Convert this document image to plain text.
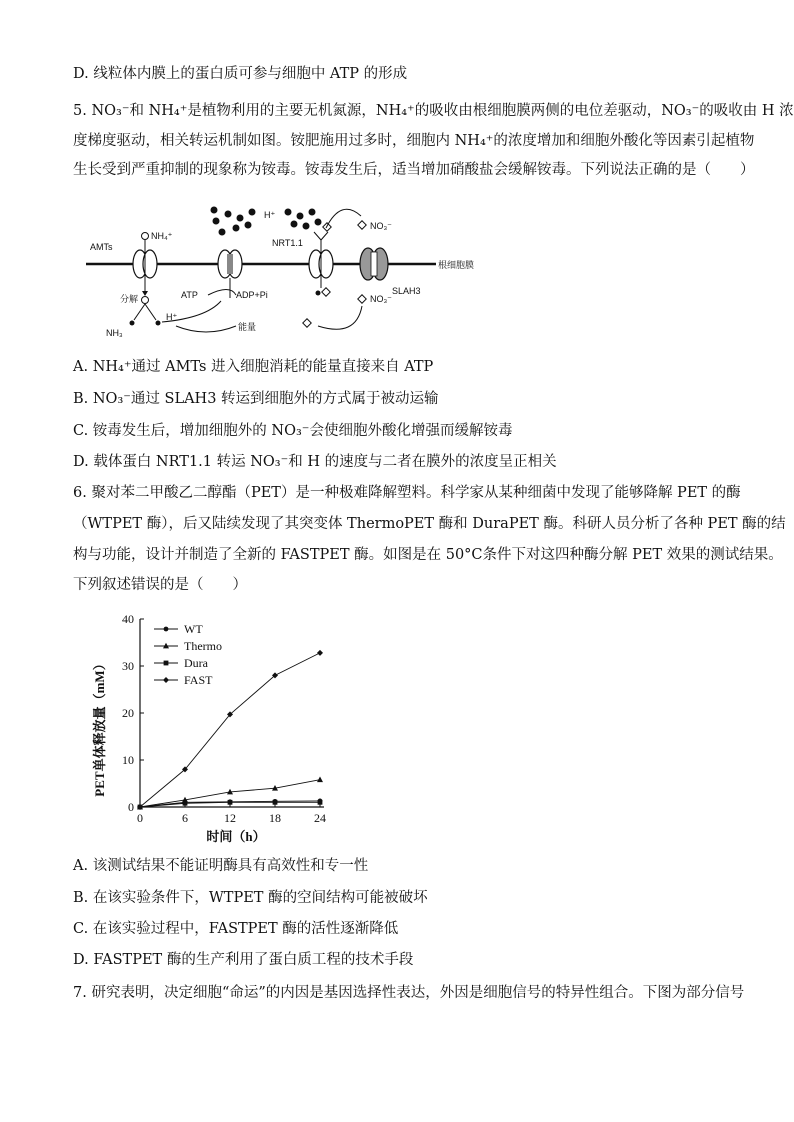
D. 线粒体内膜上的蛋白质可参与细胞中 ATP 的形成
5. NO₃⁻和 NH₄⁺是植物利用的主要无机氮源，NH₄⁺的吸收由根细胞膜两侧的电位差驱动，NO₃⁻的吸收由 H 浓
度梯度驱动，相关转运机制如图。铵肥施用过多时，细胞内 NH₄⁺的浓度增加和细胞外酸化等因素引起植物
生长受到严重抑制的现象称为铵毒。铵毒发生后，适当增加硝酸盐会缓解铵毒。下列说法正确的是（　　）
根细胞膜
AMTs
NH₄⁺
分解
NH₃
H⁺
ATP	ADP+Pi
能量
NRT1.1
H⁺
SLAH3
NO₃⁻
NO₃⁻
A. NH₄⁺通过 AMTs 进入细胞消耗的能量直接来自 ATP
B. NO₃⁻通过 SLAH3 转运到细胞外的方式属于被动运输
C. 铵毒发生后，增加细胞外的 NO₃⁻会使细胞外酸化增强而缓解铵毒
D. 载体蛋白 NRT1.1 转运 NO₃⁻和 H 的速度与二者在膜外的浓度呈正相关
6. 聚对苯二甲酸乙二醇酯（PET）是一种极难降解塑料。科学家从某种细菌中发现了能够降解 PET 的酶
（WTPET 酶），后又陆续发现了其突变体 ThermoPET 酶和 DuraPET 酶。科研人员分析了各种 PET 酶的结
构与功能，设计并制造了全新的 FASTPET 酶。如图是在 50°C条件下对这四种酶分解 PET 效果的测试结果。
下列叙述错误的是（　　）
0	6	12	18	24
0
10
20
30
40
WT
Thermo
Dura
FAST
PET单体释放量（mM）
时间（h）
A. 该测试结果不能证明酶具有高效性和专一性
B. 在该实验条件下，WTPET 酶的空间结构可能被破坏
C. 在该实验过程中，FASTPET 酶的活性逐渐降低
D. FASTPET 酶的生产利用了蛋白质工程的技术手段
7. 研究表明，决定细胞“命运”的内因是基因选择性表达，外因是细胞信号的特异性组合。下图为部分信号
